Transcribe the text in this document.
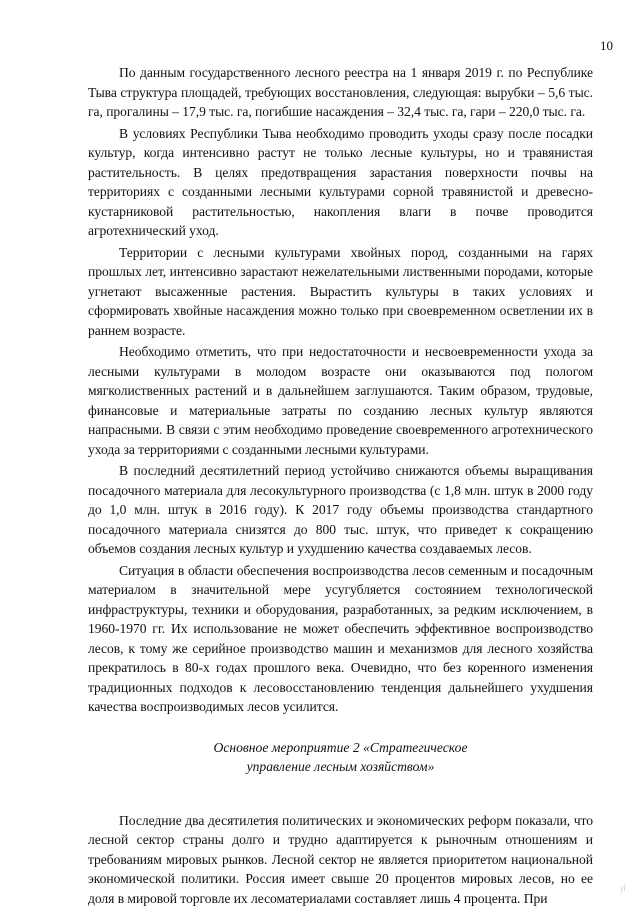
10

По данным государственного лесного реестра на 1 января 2019 г. по Республике Тыва структура площадей, требующих восстановления, следующая: вырубки – 5,6 тыс. га, прогалины – 17,9 тыс. га, погибшие насаждения – 32,4 тыс. га, гари – 220,0 тыс. га.

В условиях Республики Тыва необходимо проводить уходы сразу после посадки культур, когда интенсивно растут не только лесные культуры, но и травянистая растительность. В целях предотвращения зарастания поверхности почвы на территориях с созданными лесными культурами сорной травянистой и древесно-кустарниковой растительностью, накопления влаги в почве проводится агротехнический уход.

Территории с лесными культурами хвойных пород, созданными на гарях прошлых лет, интенсивно зарастают нежелательными лиственными породами, которые угнетают высаженные растения. Вырастить культуры в таких условиях и сформировать хвойные насаждения можно только при своевременном осветлении их в раннем возрасте.

Необходимо отметить, что при недостаточности и несвоевременности ухода за лесными культурами в молодом возрасте они оказываются под пологом мягколиственных растений и в дальнейшем заглушаются. Таким образом, трудовые, финансовые и материальные затраты по созданию лесных культур являются напрасными. В связи с этим необходимо проведение своевременного агротехнического ухода за территориями с созданными лесными культурами.

В последний десятилетний период устойчиво снижаются объемы выращивания посадочного материала для лесокультурного производства (с 1,8 млн. штук в 2000 году до 1,0 млн. штук в 2016 году). К 2017 году объемы производства стандартного посадочного материала снизятся до 800 тыс. штук, что приведет к сокращению объемов создания лесных культур и ухудшению качества создаваемых лесов.

Ситуация в области обеспечения воспроизводства лесов семенным и посадочным материалом в значительной мере усугубляется состоянием технологической инфраструктуры, техники и оборудования, разработанных, за редким исключением, в 1960-1970 гг. Их использование не может обеспечить эффективное воспроизводство лесов, к тому же серийное производство машин и механизмов для лесного хозяйства прекратилось в 80-х годах прошлого века. Очевидно, что без коренного изменения традиционных подходов к лесовосстановлению тенденция дальнейшего ухудшения качества воспроизводимых лесов усилится.

Основное мероприятие 2 «Стратегическое
управление лесным хозяйством»

Последние два десятилетия политических и экономических реформ показали, что лесной сектор страны долго и трудно адаптируется к рыночным отношениям и требованиям мировых рынков. Лесной сектор не является приоритетом национальной экономической политики. Россия имеет свыше 20 процентов мировых лесов, но ее доля в мировой торговле их лесоматериалами составляет лишь 4 процента. При

⁄ ⁄
